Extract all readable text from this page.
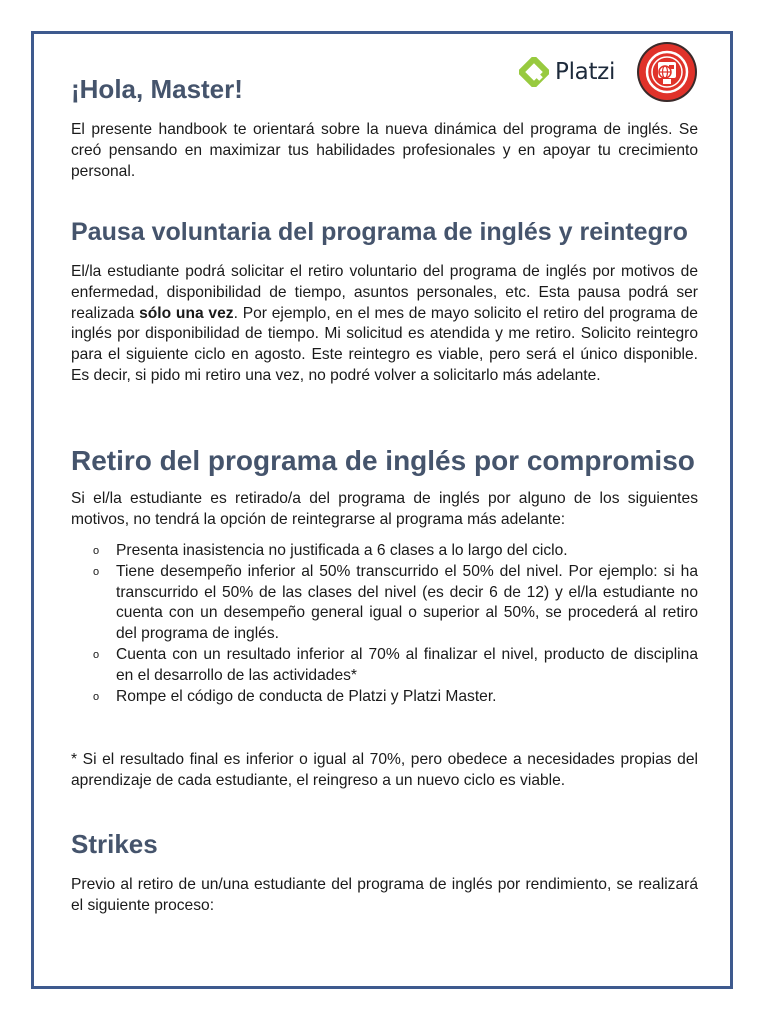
Platzi
¡Hola, Master!

El presente handbook te orientará sobre la nueva dinámica del programa de inglés. Se creó pensando en maximizar tus habilidades profesionales y en apoyar tu crecimiento personal.

Pausa voluntaria del programa de inglés y reintegro

El/la estudiante podrá solicitar el retiro voluntario del programa de inglés por motivos de enfermedad, disponibilidad de tiempo, asuntos personales, etc. Esta pausa podrá ser realizada sólo una vez. Por ejemplo, en el mes de mayo solicito el retiro del programa de inglés por disponibilidad de tiempo. Mi solicitud es atendida y me retiro. Solicito reintegro para el siguiente ciclo en agosto. Este reintegro es viable, pero será el único disponible. Es decir, si pido mi retiro una vez, no podré volver a solicitarlo más adelante.

Retiro del programa de inglés por compromiso

Si el/la estudiante es retirado/a del programa de inglés por alguno de los siguientes motivos, no tendrá la opción de reintegrarse al programa más adelante:

o Presenta inasistencia no justificada a 6 clases a lo largo del ciclo.
o Tiene desempeño inferior al 50% transcurrido el 50% del nivel. Por ejemplo: si ha transcurrido el 50% de las clases del nivel (es decir 6 de 12) y el/la estudiante no cuenta con un desempeño general igual o superior al 50%, se procederá al retiro del programa de inglés.
o Cuenta con un resultado inferior al 70% al finalizar el nivel, producto de disciplina en el desarrollo de las actividades*
o Rompe el código de conducta de Platzi y Platzi Master.

* Si el resultado final es inferior o igual al 70%, pero obedece a necesidades propias del aprendizaje de cada estudiante, el reingreso a un nuevo ciclo es viable.

Strikes

Previo al retiro de un/una estudiante del programa de inglés por rendimiento, se realizará el siguiente proceso:
